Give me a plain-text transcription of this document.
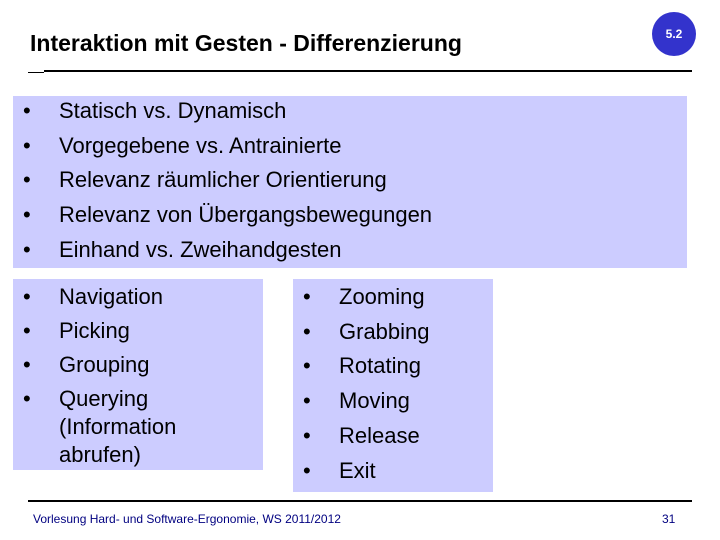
Interaktion mit Gesten - Differenzierung	5.2
•	Statisch vs. Dynamisch
•	Vorgegebene vs. Antrainierte
•	Relevanz räumlicher Orientierung
•	Relevanz von Übergangsbewegungen
•	Einhand vs. Zweihandgesten
•	Navigation
•	Picking
•	Grouping
•	Querying (Information abrufen)
•	Zooming
•	Grabbing
•	Rotating
•	Moving
•	Release
•	Exit
Vorlesung Hard- und Software-Ergonomie, WS 2011/2012	31
